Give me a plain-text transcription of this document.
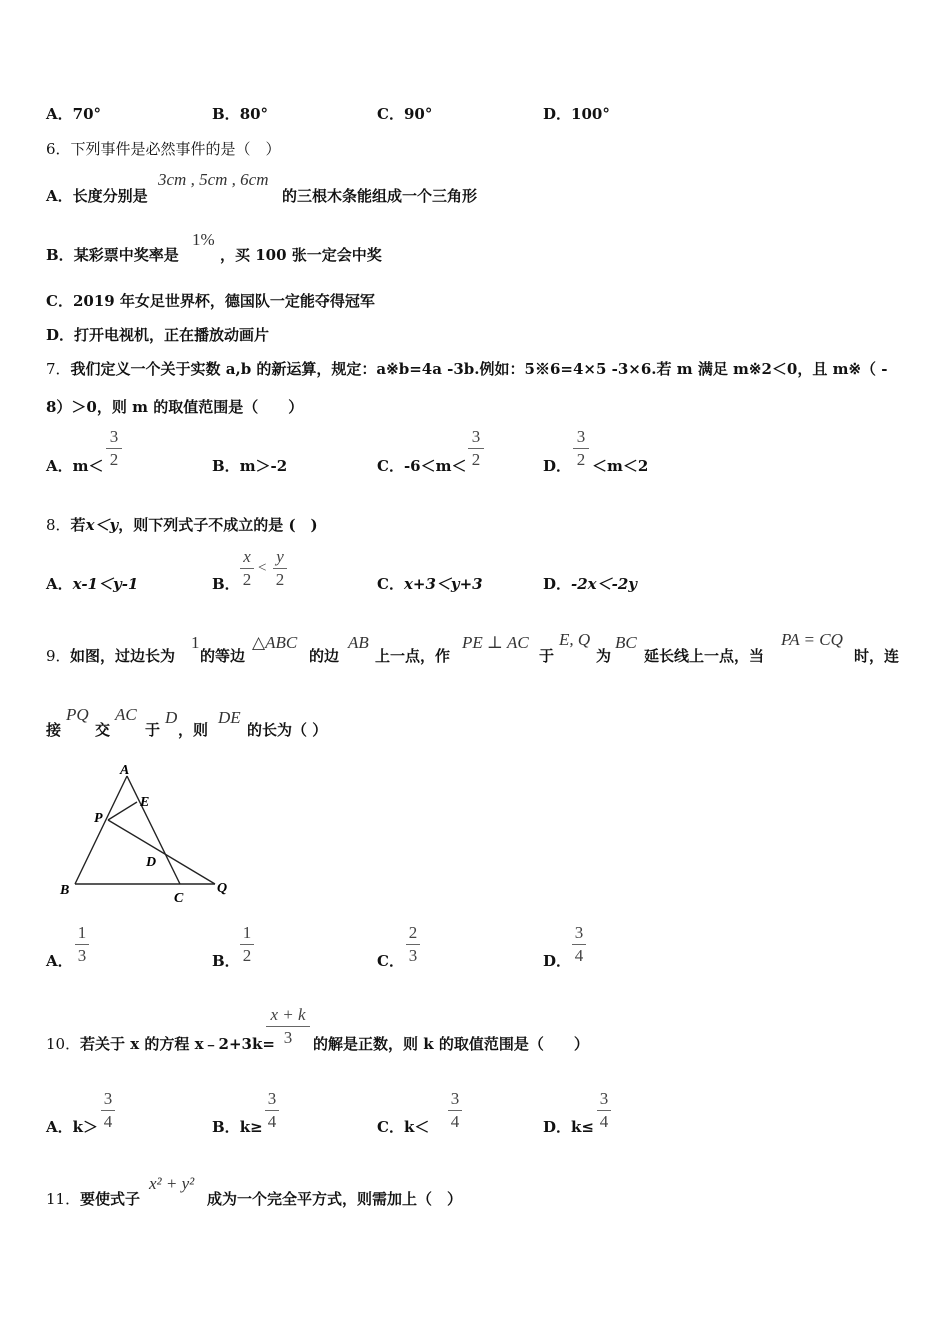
A．70°	B．80°	C．90°	D．100°
6．下列事件是必然事件的是（　）
A．长度分别是
3cm , 5cm , 6cm
的三根木条能组成一个三角形
B．某彩票中奖率是
1%
，买 100 张一定会中奖
C．2019 年女足世界杯，德国队一定能夺得冠军
D．打开电视机，正在播放动画片
7．我们定义一个关于实数 a,b 的新运算，规定：a※b=4a -3b.例如：5※6=4×5 -3×6.若 m 满足 m※2＜0，且 m※（ -
8）＞0，则 m 的取值范围是（　　）
A．m＜
3
2	B．m＞-2	C．-6＜m＜
3
2	D．
3
2 ＜m＜2
8．若x＜y，则下列式子不成立的是 (　)
A．x-1＜y-1	B．
x
2
<
y
2	C．x+3＜y+3	D．-2x＜-2y
9． 如图，过边长为
1
的等边
△ABC
的边
AB
上一点，作
PE ⊥ AC
于
E, Q
为
BC
延长线上一点，当
PA = CQ
时，连
接
PQ
交
AC
于
D
，则
DE
的长为（ ）
A
E
P
D
B
C
Q
A．
1
3	B．
1
2	C．
2
3	D．
3
4
10． 若关于 x 的方程 x﹣2+3k=
x + k
3	的解是正数，则 k 的取值范围是（　　）
A．k＞
3
4	B．k≥
3
4	C．k＜
3
4	D．k≤
3
4
11． 要使式子
x² + y²
成为一个完全平方式，则需加上（　）
